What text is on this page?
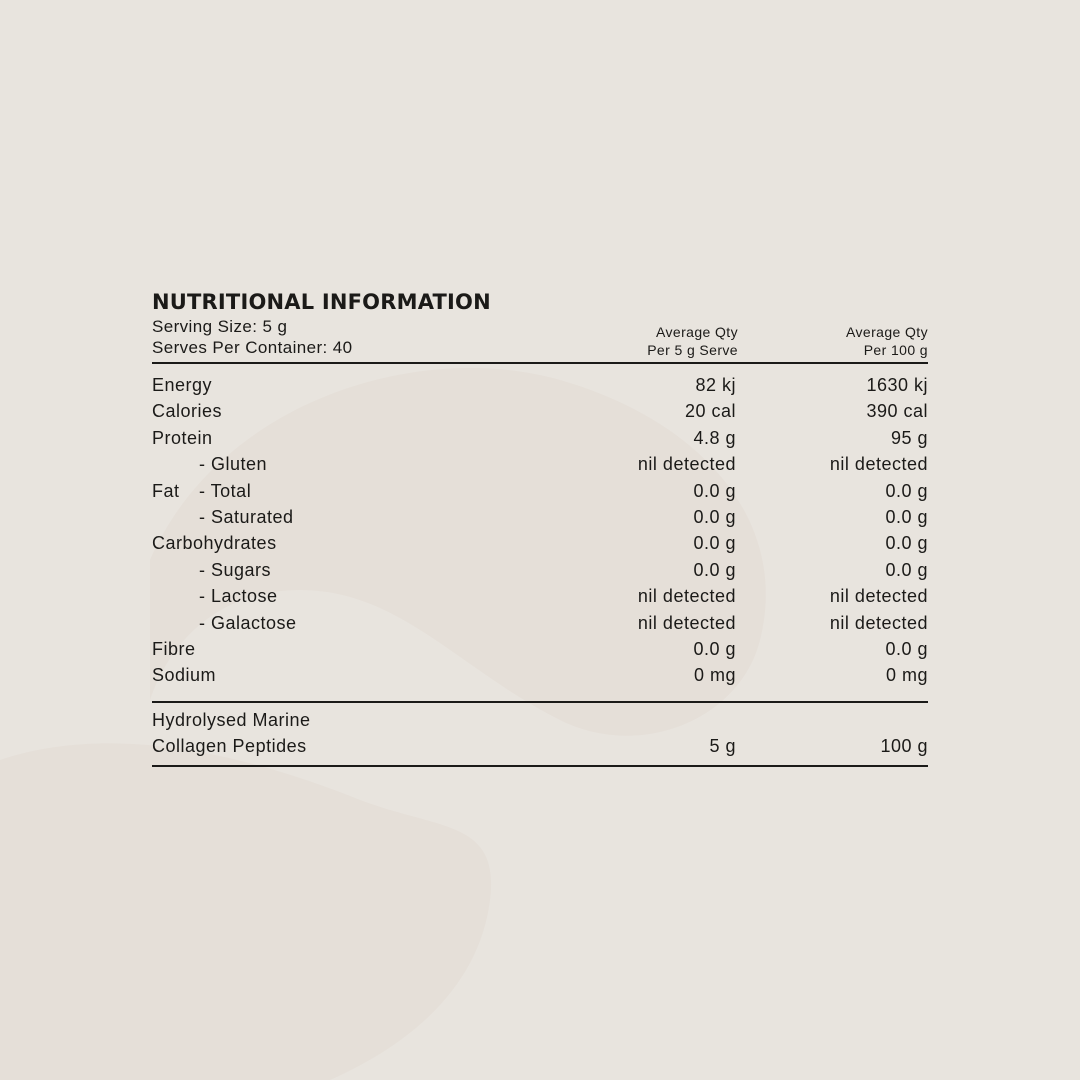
NUTRITIONAL INFORMATION
Serving Size: 5 g
Serves Per Container: 40
Average Qty
Per 5 g Serve
Average Qty
Per 100 g
Energy	82 kj	1630 kj
Calories	20 cal	390 cal
Protein	4.8 g	95 g
- Gluten	nil detected	nil detected
Fat - Total	0.0 g	0.0 g
- Saturated	0.0 g	0.0 g
Carbohydrates	0.0 g	0.0 g
- Sugars	0.0 g	0.0 g
- Lactose	nil detected	nil detected
- Galactose	nil detected	nil detected
Fibre	0.0 g	0.0 g
Sodium	0 mg	0 mg
Hydrolysed Marine
Collagen Peptides	5 g	100 g
